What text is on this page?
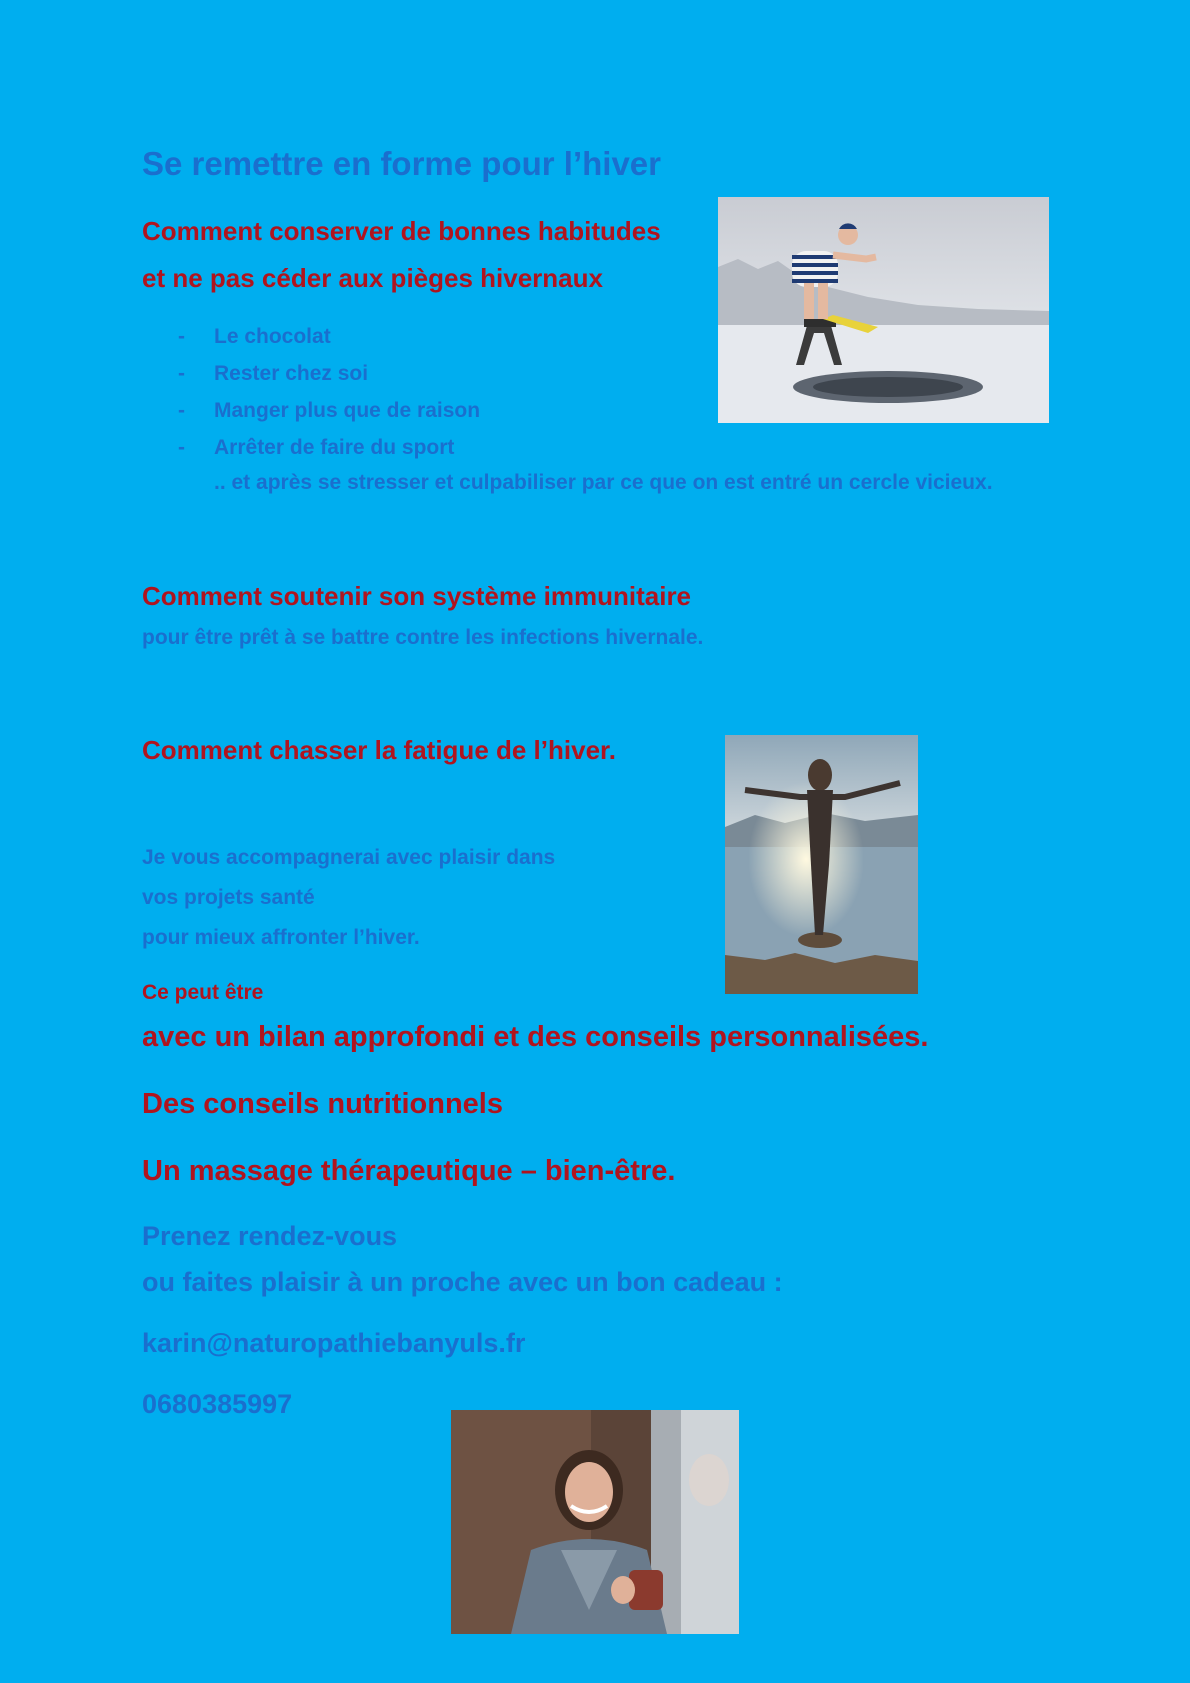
Se remettre en forme pour l’hiver
Comment conserver de bonnes habitudes
et ne pas céder aux pièges hivernaux
- Le chocolat
- Rester chez soi
- Manger plus que de raison
- Arrêter de faire du sport
.. et après se stresser et culpabiliser par ce que on est entré un cercle vicieux.
Comment soutenir son système immunitaire
pour être prêt à se battre contre les infections hivernale.
Comment chasser la fatigue de l’hiver.
Je vous accompagnerai avec plaisir dans
vos projets santé
pour mieux affronter l’hiver.
Ce peut être
avec un bilan approfondi et des conseils personnalisées.
Des conseils nutritionnels
Un massage thérapeutique – bien-être.
Prenez rendez-vous
ou faites plaisir à un proche avec un bon cadeau :
karin@naturopathiebanyuls.fr
0680385997
